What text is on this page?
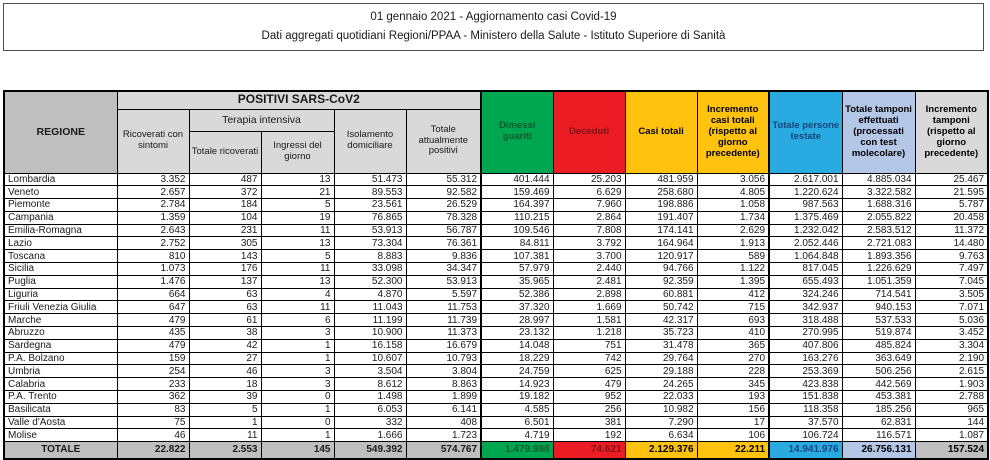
01 gennaio 2021 - Aggiornamento casi Covid-19
Dati aggregati quotidiani Regioni/PPAA - Ministero della Salute - Istituto Superiore di Sanità
REGIONE	POSITIVI SARS-CoV2					Dimessi guariti	Deceduti	Casi totali	Incremento casi totali (rispetto al giorno precedente)	Totale persone testate	Totale tamponi effettuati (processati con test molecolare)	Incremento tamponi (rispetto al giorno precedente)
	Ricoverati con sintomi	Terapia intensiva		Isolamento domiciliare	Totale attualmente positivi							
		Totale ricoverati	Ingressi del giorno									
Lombardia	3.352	487	13	51.473	55.312	401.444	25.203	481.959	3.056	2.617.001	4.885.034	25.467
Veneto	2.657	372	21	89.553	92.582	159.469	6.629	258.680	4.805	1.220.624	3.322.582	21.595
Piemonte	2.784	184	5	23.561	26.529	164.397	7.960	198.886	1.058	987.563	1.688.316	5.787
Campania	1.359	104	19	76.865	78.328	110.215	2.864	191.407	1.734	1.375.469	2.055.822	20.458
Emilia-Romagna	2.643	231	11	53.913	56.787	109.546	7.808	174.141	2.629	1.232.042	2.583.512	11.372
Lazio	2.752	305	13	73.304	76.361	84.811	3.792	164.964	1.913	2.052.446	2.721.083	14.480
Toscana	810	143	5	8.883	9.836	107.381	3.700	120.917	589	1.064.848	1.893.356	9.763
Sicilia	1.073	176	11	33.098	34.347	57.979	2.440	94.766	1.122	817.045	1.226.629	7.497
Puglia	1.476	137	13	52.300	53.913	35.965	2.481	92.359	1.395	655.493	1.051.359	7.045
Liguria	664	63	4	4.870	5.597	52.386	2.898	60.881	412	324.246	714.541	3.505
Friuli Venezia Giulia	647	63	11	11.043	11.753	37.320	1.669	50.742	715	342.937	940.153	7.071
Marche	479	61	6	11.199	11.739	28.997	1.581	42.317	693	318.488	537.533	5.036
Abruzzo	435	38	3	10.900	11.373	23.132	1.218	35.723	410	270.995	519.874	3.452
Sardegna	479	42	1	16.158	16.679	14.048	751	31.478	365	407.806	485.824	3.304
P.A. Bolzano	159	27	1	10.607	10.793	18.229	742	29.764	270	163.276	363.649	2.190
Umbria	254	46	3	3.504	3.804	24.759	625	29.188	228	253.369	506.256	2.615
Calabria	233	18	3	8.612	8.863	14.923	479	24.265	345	423.838	442.569	1.903
P.A. Trento	362	39	0	1.498	1.899	19.182	952	22.033	193	151.838	453.381	2.788
Basilicata	83	5	1	6.053	6.141	4.585	256	10.982	156	118.358	185.256	965
Valle d'Aosta	75	1	0	332	408	6.501	381	7.290	17	37.570	62.831	144
Molise	46	11	1	1.666	1.723	4.719	192	6.634	106	106.724	116.571	1.087
TOTALE	22.822	2.553	145	549.392	574.767	1.479.988	74.621	2.129.376	22.211	14.941.976	26.756.131	157.524
